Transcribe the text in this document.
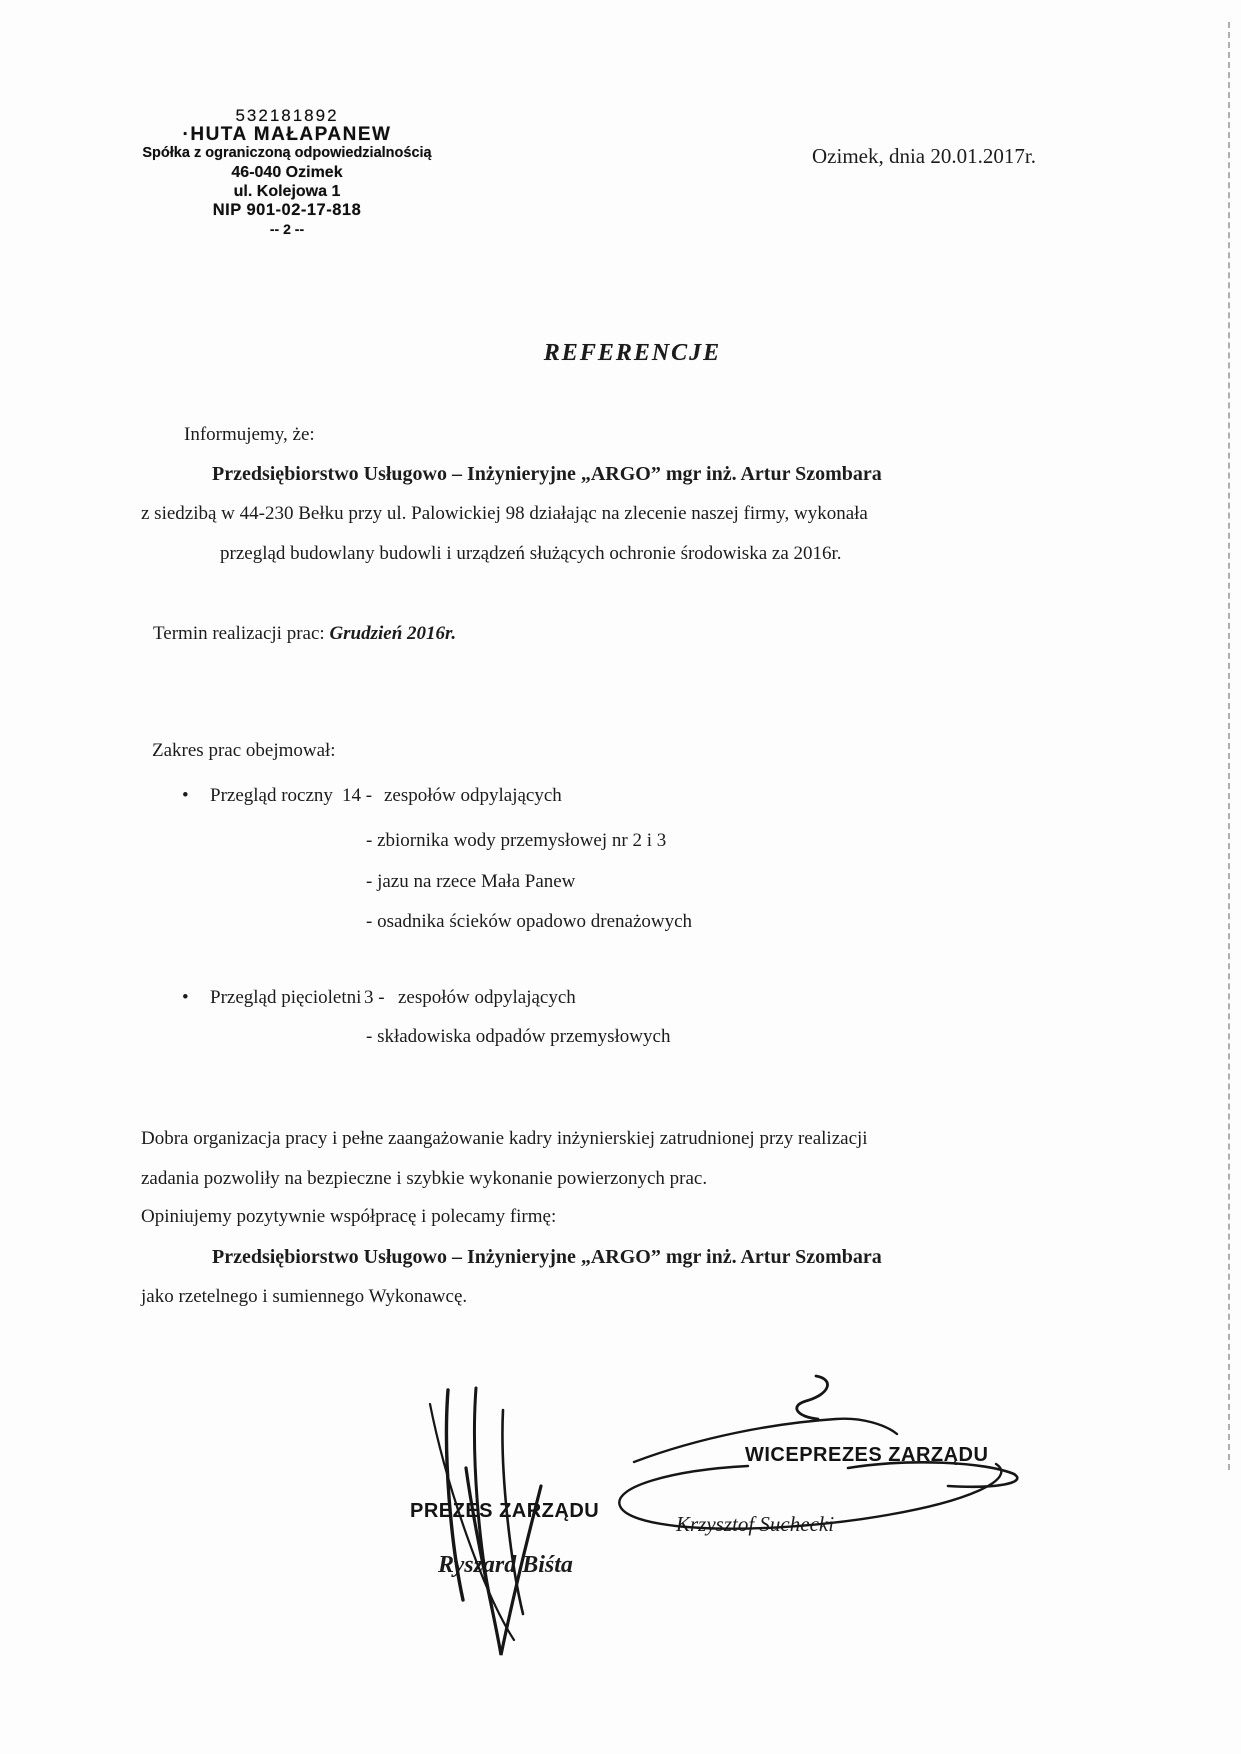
532181892
·HUTA MAŁAPANEW
Spółka z ograniczoną odpowiedzialnością
46-040 Ozimek
ul. Kolejowa 1
NIP 901-02-17-818
-- 2 --
Ozimek, dnia 20.01.2017r.
REFERENCJE
Informujemy, że:
Przedsiębiorstwo Usługowo – Inżynieryjne „ARGO” mgr inż. Artur Szombara
z siedzibą w 44-230 Bełku przy ul. Palowickiej 98 działając na zlecenie naszej firmy, wykonała
przegląd budowlany budowli i urządzeń służących ochronie środowiska za 2016r.
Termin realizacji prac: Grudzień 2016r.
Zakres prac obejmował:
• Przegląd roczny 14 - zespołów odpylających
- zbiornika wody przemysłowej nr 2 i 3
- jazu na rzece Mała Panew
- osadnika ścieków opadowo drenażowych
• Przegląd pięcioletni 3 - zespołów odpylających
- składowiska odpadów przemysłowych
Dobra organizacja pracy i pełne zaangażowanie kadry inżynierskiej zatrudnionej przy realizacji
zadania pozwoliły na bezpieczne i szybkie wykonanie powierzonych prac.
Opiniujemy pozytywnie współpracę i polecamy firmę:
Przedsiębiorstwo Usługowo – Inżynieryjne „ARGO” mgr inż. Artur Szombara
jako rzetelnego i sumiennego Wykonawcę.
PREZES ZARZĄDU
Ryszard Biśta
WICEPREZES ZARZĄDU
Krzysztof Suchecki
